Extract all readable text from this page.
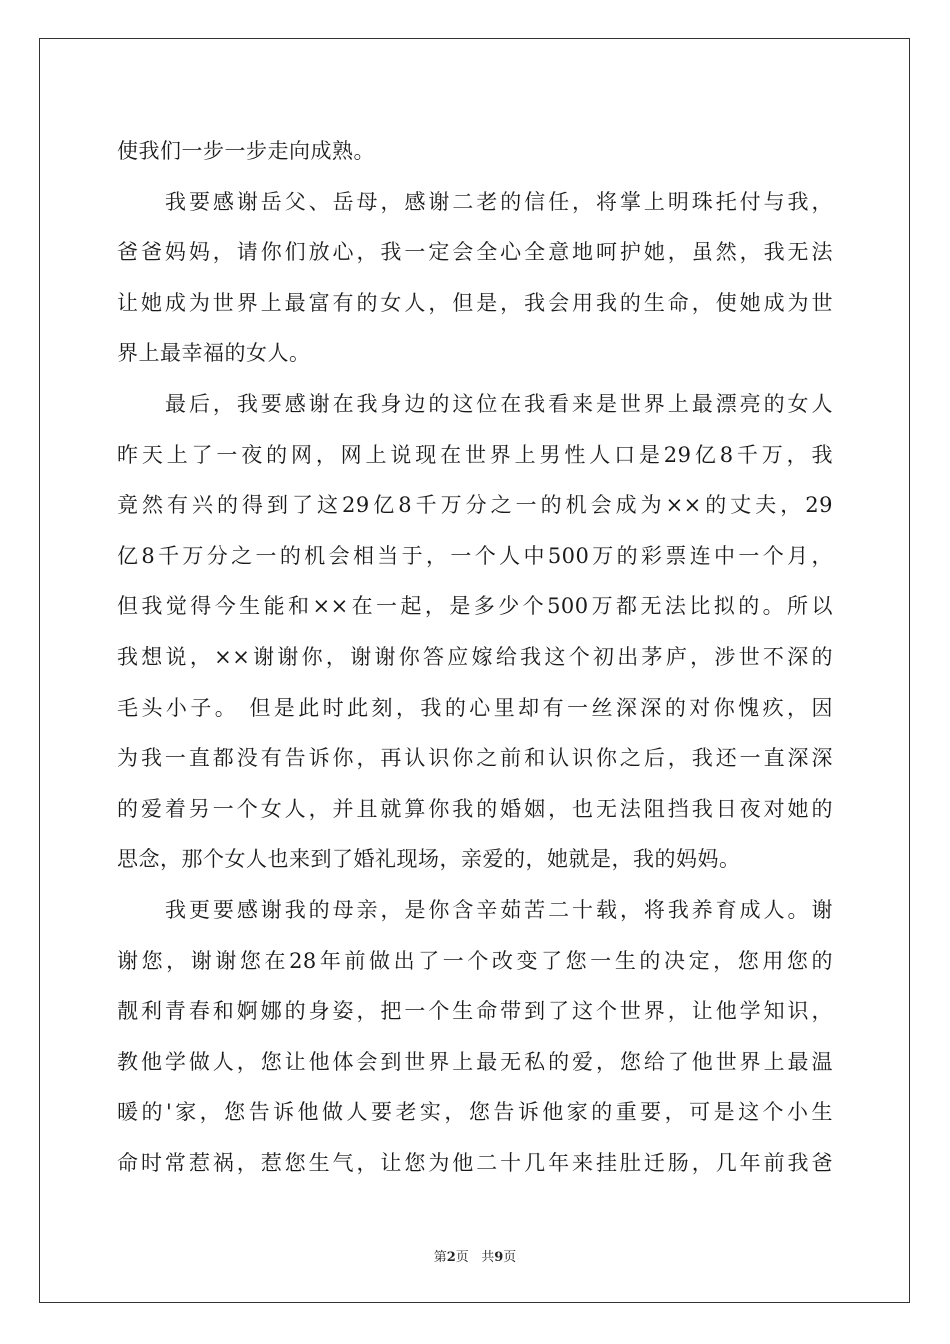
使我们一步一步走向成熟。
我要感谢岳父、岳母，感谢二老的信任，将掌上明珠托付与我，
爸爸妈妈，请你们放心，我一定会全心全意地呵护她，虽然，我无法
让她成为世界上最富有的女人，但是，我会用我的生命，使她成为世
界上最幸福的女人。
最后，我要感谢在我身边的这位在我看来是世界上最漂亮的女人
昨天上了一夜的网，网上说现在世界上男性人口是29亿8千万，我
竟然有兴的得到了这29亿8千万分之一的机会成为××的丈夫，29
亿8千万分之一的机会相当于，一个人中500万的彩票连中一个月，
但我觉得今生能和××在一起，是多少个500万都无法比拟的。所以
我想说，××谢谢你，谢谢你答应嫁给我这个初出茅庐，涉世不深的
毛头小子。 但是此时此刻，我的心里却有一丝深深的对你愧疚，因
为我一直都没有告诉你，再认识你之前和认识你之后，我还一直深深
的爱着另一个女人，并且就算你我的婚姻，也无法阻挡我日夜对她的
思念，那个女人也来到了婚礼现场，亲爱的，她就是，我的妈妈。
我更要感谢我的母亲，是你含辛茹苦二十载，将我养育成人。谢
谢您，谢谢您在28年前做出了一个改变了您一生的决定，您用您的
靓利青春和婀娜的身姿，把一个生命带到了这个世界，让他学知识，
教他学做人，您让他体会到世界上最无私的爱，您给了他世界上最温
暖的'家，您告诉他做人要老实，您告诉他家的重要，可是这个小生
命时常惹祸，惹您生气，让您为他二十几年来挂肚迁肠，几年前我爸
第2页 共9页
